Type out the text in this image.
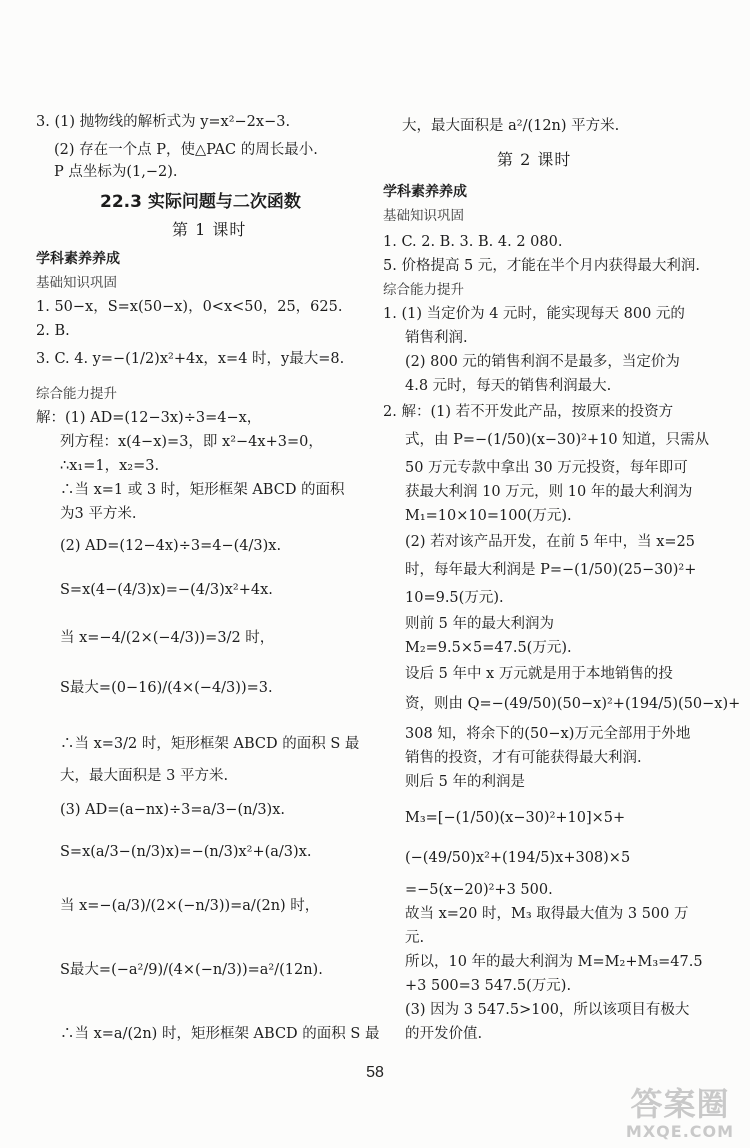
3. (1) 抛物线的解析式为 y=x²−2x−3.
(2) 存在一个点 P，使△PAC 的周长最小.
P 点坐标为(1,−2).
22.3 实际问题与二次函数
第 1 课时
学科素养养成
基础知识巩固
1. 50−x，S=x(50−x)，0<x<50，25，625.
2. B.
3. C. 4. y=−(1/2)x²+4x，x=4 时，y最大=8.
综合能力提升
解：(1) AD=(12−3x)÷3=4−x，
列方程：x(4−x)=3，即 x²−4x+3=0，
∴x₁=1，x₂=3.
∴当 x=1 或 3 时，矩形框架 ABCD 的面积
为3 平方米.
(2) AD=(12−4x)÷3=4−(4/3)x.
S=x(4−(4/3)x)=−(4/3)x²+4x.
当 x=−4/(2×(−4/3))=3/2 时，
S最大=(0−16)/(4×(−4/3))=3.
∴当 x=3/2 时，矩形框架 ABCD 的面积 S 最
大，最大面积是 3 平方米.
(3) AD=(a−nx)÷3=a/3−(n/3)x.
S=x(a/3−(n/3)x)=−(n/3)x²+(a/3)x.
当 x=−(a/3)/(2×(−n/3))=a/(2n) 时，
S最大=(−a²/9)/(4×(−n/3))=a²/(12n).
∴当 x=a/(2n) 时，矩形框架 ABCD 的面积 S 最
大，最大面积是 a²/(12n) 平方米.
第 2 课时
学科素养养成
基础知识巩固
1. C. 2. B. 3. B. 4. 2 080.
5. 价格提高 5 元，才能在半个月内获得最大利润.
综合能力提升
1. (1) 当定价为 4 元时，能实现每天 800 元的
销售利润.
(2) 800 元的销售利润不是最多，当定价为
4.8 元时，每天的销售利润最大.
2. 解：(1) 若不开发此产品，按原来的投资方
式，由 P=−(1/50)(x−30)²+10 知道，只需从
50 万元专款中拿出 30 万元投资，每年即可
获最大利润 10 万元，则 10 年的最大利润为
M₁=10×10=100(万元).
(2) 若对该产品开发，在前 5 年中，当 x=25
时，每年最大利润是 P=−(1/50)(25−30)²+
10=9.5(万元).
则前 5 年的最大利润为
M₂=9.5×5=47.5(万元).
设后 5 年中 x 万元就是用于本地销售的投
资，则由 Q=−(49/50)(50−x)²+(194/5)(50−x)+
308 知，将余下的(50−x)万元全部用于外地
销售的投资，才有可能获得最大利润.
则后 5 年的利润是
M₃=[−(1/50)(x−30)²+10]×5+
(−(49/50)x²+(194/5)x+308)×5
=−5(x−20)²+3 500.
故当 x=20 时，M₃ 取得最大值为 3 500 万
元.
所以，10 年的最大利润为 M=M₂+M₃=47.5
+3 500=3 547.5(万元).
(3) 因为 3 547.5>100，所以该项目有极大
的开发价值.
58
答案圈
MXQE.COM
